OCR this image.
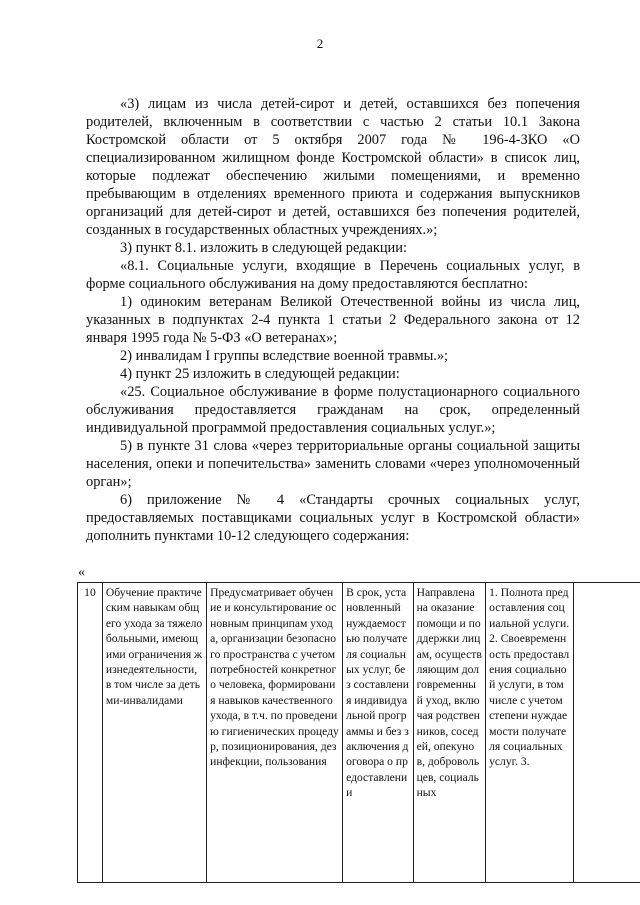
2

«3) лицам из числа детей-сирот и детей, оставшихся без попечения родителей, включенным в соответствии с частью 2 статьи 10.1 Закона Костромской области от 5 октября 2007 года № 196-4-ЗКО «О специализированном жилищном фонде Костромской области» в список лиц, которые подлежат обеспечению жилыми помещениями, и временно пребывающим в отделениях временного приюта и содержания выпускников организаций для детей-сирот и детей, оставшихся без попечения родителей, созданных в государственных областных учреждениях.»;

3) пункт 8.1. изложить в следующей редакции:

«8.1. Социальные услуги, входящие в Перечень социальных услуг, в форме социального обслуживания на дому предоставляются бесплатно:

1) одиноким ветеранам Великой Отечественной войны из числа лиц, указанных в подпунктах 2-4 пункта 1 статьи 2 Федерального закона от 12 января 1995 года № 5-ФЗ «О ветеранах»;

2) инвалидам I группы вследствие военной травмы.»;

4) пункт 25 изложить в следующей редакции:

«25. Социальное обслуживание в форме полустационарного социального обслуживания предоставляется гражданам на срок, определенный индивидуальной программой предоставления социальных услуг.»;

5) в пункте 31 слова «через территориальные органы социальной защиты населения, опеки и попечительства» заменить словами «через уполномоченный орган»;

6) приложение № 4 «Стандарты срочных социальных услуг, предоставляемых поставщиками социальных услуг в Костромской области» дополнить пунктами 10-12 следующего содержания:

«
10	Обучение практическим навыкам общего ухода за тяжелобольными, имеющими ограничения жизнедеятельности, в том числе за детьми-инвалидами	Предусматривает обучение и консультирование основным принципам ухода, организации безопасного пространства с учетом потребностей конкретного человека, формирования навыков качественного ухода, в т.ч. по проведению гигиенических процедур, позиционирования, дезинфекции, пользования	В срок, установленный нуждаемостью получателя социальных услуг, без составления индивидуальной программы и без заключения договора о предоставлении	Направлена на оказание помощи и поддержки лицам, осуществляющим долговременный уход, включая родственников, соседей, опекунов, добровольцев, социальных	1. Полнота предоставления социальной услуги. 2. Своевременность предоставления социальной услуги, в том числе с учетом степени нуждаемости получателя социальных услуг. 3.	
